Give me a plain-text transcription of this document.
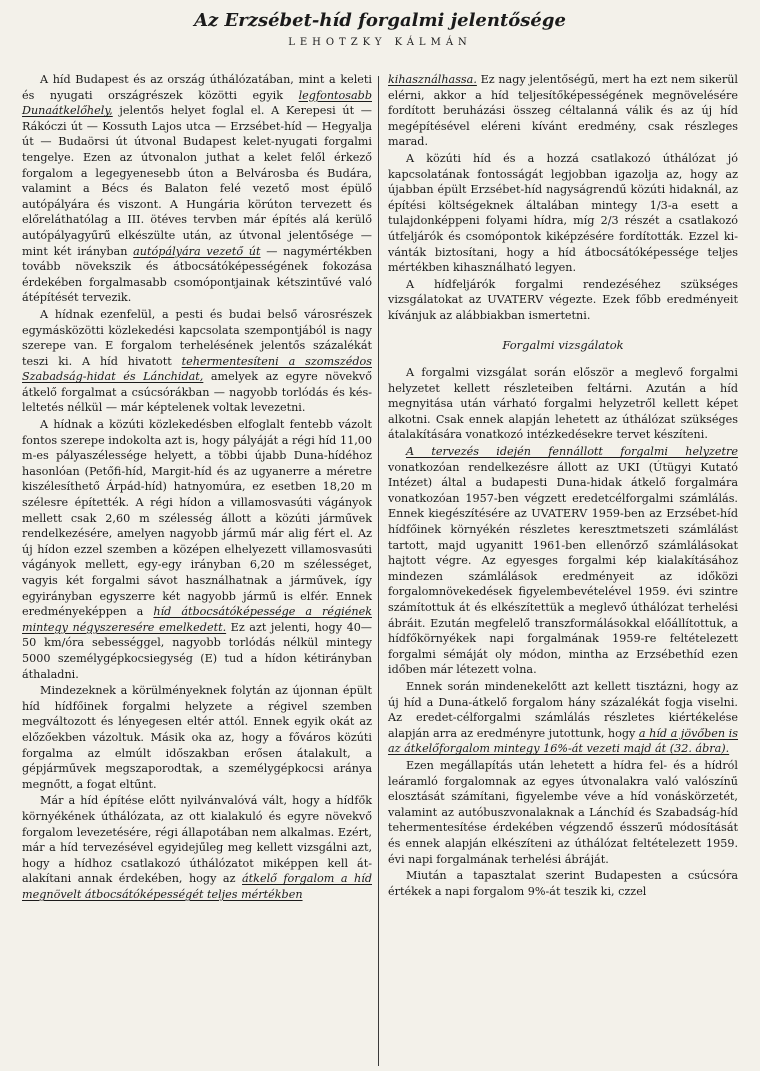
Az Erzsébet-híd forgalmi jelentősége
LEHOTZKY KÁLMÁN

A híd Budapest és az ország úthálózatában, mint a keleti és nyugati országrészek közötti egyik legfontosabb Dunaátkelőhely, jelentős helyet foglal el. A Kerepesi út — Rákóczi út — Kossuth Lajos utca — Erzsébet-híd — Hegyalja út — Budaörsi út útvonal Budapest kelet-nyugati forgalmi tengelye. Ezen az útvonalon juthat a kelet felől érkező forgalom a legegyenesebb úton a Belvárosba és Budára, valamint a Bécs és Balaton felé vezető most épülő autópályára és viszont. A Hungária körúton tervezett és előreláthatólag a III. ötéves tervben már építés alá kerülő autópályagyűrű elkészülte után, az útvonal jelentősége — mint két irányban autópályára vezető út — nagymértékben tovább növekszik és átbocsátóképességének fokozása érdekében forgalmasabb csomópontjainak kétszintűvé való átépítését tervezik.

A hídnak ezenfelül, a pesti és budai belső városrészek egymásközötti közlekedési kapcsolata szempontjából is nagy szerepe van. E forgalom terhelésének jelentős százalékát teszi ki. A híd hivatott tehermentesíteni a szomszédos Szabadság-hidat és Lánchidat, amelyek az egyre növekvő átkelő forgalmat a csúcsórákban — nagyobb torlódás és késleltetés nélkül — már képtelenek voltak levezetni.

A hídnak a közúti közlekedésben elfoglalt fentebb vázolt fontos szerepe indokolta azt is, hogy pályáját a régi híd 11,00 m-es pályaszélessége helyett, a többi újabb Duna-hídéhoz hasonlóan (Petőfi-híd, Margit-híd és az ugyanerre a méretre kiszélesíthető Árpád-híd) hatnyomúra, ez esetben 18,20 m szélesre építették. A régi hídon a villamosvasúti vágányok mellett csak 2,60 m szélesség állott a közúti járművek rendelkezésére, amelyen nagyobb jármű már alig fért el. Az új hídon ezzel szemben a középen elhelyezett villamosvasúti vágányok mellett, egy-egy irányban 6,20 m szélességet, vagyis két forgalmi sávot használhatnak a járművek, így egyirányban egyszerre két nagyobb jármű is elfér. Ennek eredményeképpen a híd átbocsátóképessége a régiének mintegy négyszeresére emelkedett. Ez azt jelenti, hogy 40—50 km/óra sebességgel, nagyobb torlódás nélkül mintegy 5000 személygépkocsiegység (E) tud a hídon kétirányban áthaladni.

Mindezeknek a körülményeknek folytán az újonnan épült híd hídfőinek forgalmi helyzete a régivel szemben megváltozott és lényegesen eltér attól. Ennek egyik okát az előzőekben vázoltuk. Másik oka az, hogy a főváros közúti forgalma az elmúlt időszakban erősen átalakult, a gépjárművek megszaporodtak, a személygépkocsi aránya megnőtt, a fogat eltűnt.

Már a híd építése előtt nyilvánvalóvá vált, hogy a hídfők környékének úthálózata, az ott kialakuló és egyre növekvő forgalom levezetésére, régi állapotában nem alkalmas. Ezért, már a híd tervezésével egyidejűleg meg kellett vizsgálni azt, hogy a hídhoz csatlakozó úthálózatot miképpen kell átalakítani annak érdekében, hogy az átkelő forgalom a híd megnövelt átbocsátóképességét teljes mértékben

kihasználhassa. Ez nagy jelentőségű, mert ha ezt nem sikerül elérni, akkor a híd teljesítőképességének megnövelésére fordított beruházási összeg céltalanná válik és az új híd megépítésével eléreni kívánt eredmény, csak részleges marad.

A közúti híd és a hozzá csatlakozó úthálózat jó kapcsolatának fontosságát legjobban igazolja az, hogy az újabban épült Erzsébet-híd nagyságrendű közúti hidaknál, az építési költségeknek általában mintegy 1/3-a esett a tulajdonképpeni folyami hídra, míg 2/3 részét a csatlakozó útfeljárók és csomópontok kiképzésére fordították. Ezzel kivánták biztosítani, hogy a híd átbocsátóképessége teljes mértékben kihasználható legyen.

A hídfeljárók forgalmi rendezéséhez szükséges vizsgálatokat az UVATERV végezte. Ezek főbb eredményeit kívánjuk az alábbiakban ismertetni.

Forgalmi vizsgálatok

A forgalmi vizsgálat során először a meglevő forgalmi helyzetet kellett részleteiben feltárni. Azután a híd megnyitása után várható forgalmi helyzetről kellett képet alkotni. Csak ennek alapján lehetett az úthálózat szükséges átalakítására vonatkozó intézkedésekre tervet készíteni.

A tervezés idején fennállott forgalmi helyzetre vonatkozóan rendelkezésre állott az UKI (Útügyi Kutató Intézet) által a budapesti Duna-hidak átkelő forgalmára vonatkozóan 1957-ben végzett eredetcélforgalmi számlálás. Ennek kiegészítésére az UVATERV 1959-ben az Erzsébet-híd hídfőinek környékén részletes keresztmetszeti számlálást tartott, majd ugyanitt 1961-ben ellenőrző számlálásokat hajtott végre. Az egyesges forgalmi kép kialakításához mindezen számlálások eredményeit az időközi forgalomnövekedések figyelembevételével 1959. évi szintre számítottuk át és elkészítettük a meglevő úthálózat terhelési ábráit. Ezután megfelelő transzformálásokkal előállítottuk, a hídfőkörnyékek napi forgalmának 1959-re feltételezett forgalmi sémáját oly módon, mintha az Erzsébethíd ezen időben már létezett volna.

Ennek során mindenekelőtt azt kellett tisztázni, hogy az új híd a Duna-átkelő forgalom hány százalékát fogja viselni. Az eredet-célforgalmi számlálás részletes kiértékelése alapján arra az eredményre jutottunk, hogy a híd a jövőben is az átkelőforgalom mintegy 16%-át vezeti majd át (32. ábra).

Ezen megállapítás után lehetett a hídra fel- és a hídról leáramló forgalomnak az egyes útvonalakra való valószínű elosztását számítani, figyelembe véve a híd vonáskörzetét, valamint az autóbuszvonalaknak a Lánchíd és Szabadság-híd tehermentesítése érdekében végzendő ésszerű módosítását és ennek alapján elkészíteni az úthálózat feltételezett 1959. évi napi forgalmának terhelési ábráját.

Miután a tapasztalat szerint Budapesten a csúcsóra értékek a napi forgalom 9%-át teszik ki, czzel
